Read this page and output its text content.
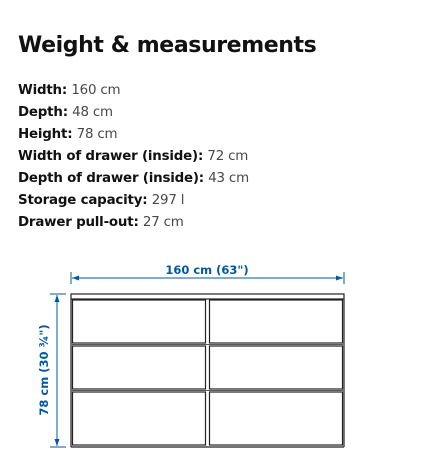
Weight & measurements
Width: 160 cm
Depth: 48 cm
Height: 78 cm
Width of drawer (inside): 72 cm
Depth of drawer (inside): 43 cm
Storage capacity: 297 l
Drawer pull-out: 27 cm
160 cm (63")
78 cm (30 ¾")
